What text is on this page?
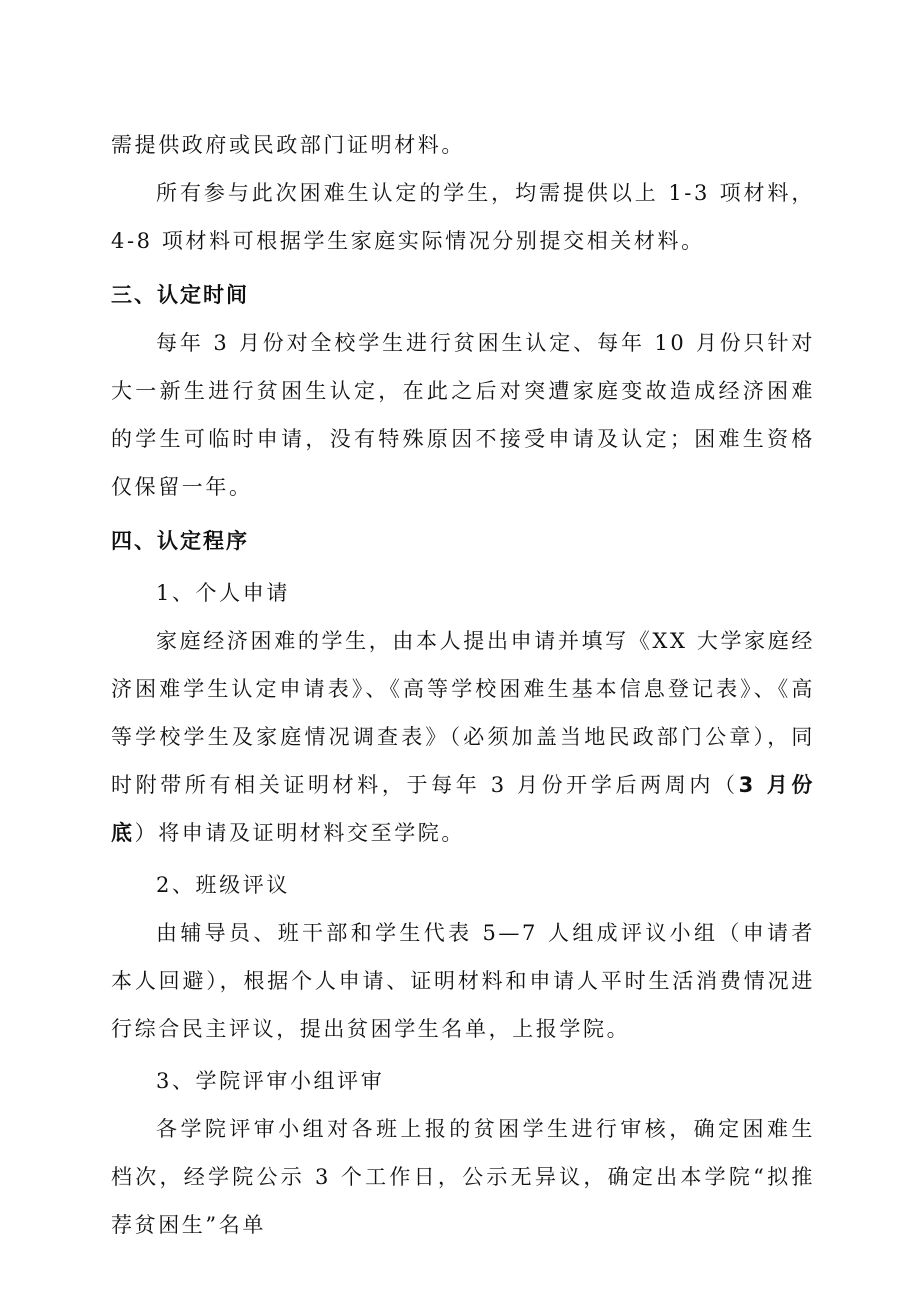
需提供政府或民政部门证明材料。

所有参与此次困难生认定的学生，均需提供以上 1-3 项材料，4-8 项材料可根据学生家庭实际情况分别提交相关材料。

三、认定时间

每年 3 月份对全校学生进行贫困生认定、每年 10 月份只针对大一新生进行贫困生认定，在此之后对突遭家庭变故造成经济困难的学生可临时申请，没有特殊原因不接受申请及认定；困难生资格仅保留一年。

四、认定程序

1、个人申请

家庭经济困难的学生，由本人提出申请并填写《XX 大学家庭经济困难学生认定申请表》、《高等学校困难生基本信息登记表》、《高等学校学生及家庭情况调查表》（必须加盖当地民政部门公章），同时附带所有相关证明材料，于每年 3 月份开学后两周内（3 月份底）将申请及证明材料交至学院。

2、班级评议

由辅导员、班干部和学生代表 5—7 人组成评议小组（申请者本人回避），根据个人申请、证明材料和申请人平时生活消费情况进行综合民主评议，提出贫困学生名单，上报学院。

3、学院评审小组评审

各学院评审小组对各班上报的贫困学生进行审核，确定困难生档次，经学院公示 3 个工作日，公示无异议，确定出本学院“拟推荐贫困生”名单
